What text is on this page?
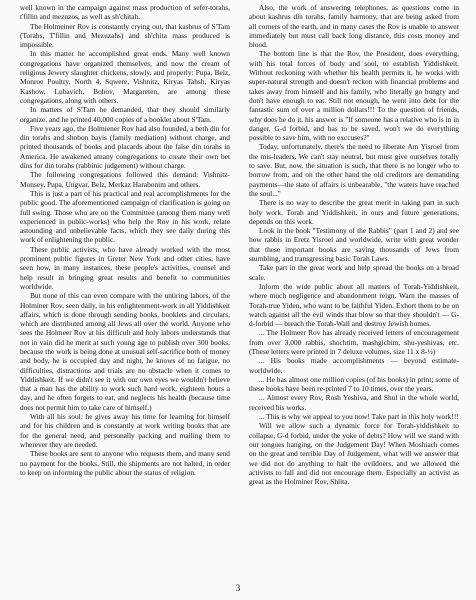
well known in the campaign against mass production of sefer-torahs, t'fillin and mezuzos, as well as sh'chitah.

The Holmeiner Rov is constantly crying out, that kashrus of S'Tam (Torahs, T'fillin and Mezuzahs) and sh'chita mass produced is impossible.

In this matter he accomplished great ends. Many well known congregations have organized themselves, and now the cream of religious Jewery slaughter chickens, slowly, and properly: Pupa, Belz, Monroe Poultry, North 4, Sqwere, Vishnitz, Kiryas Tahsh, Kiryas Kashow, Lubavich, Bobov, Margareten, are among these congregations, along with others.

In matters of S'Tam he demanded, that they should similarly organize, and he printed 40,000 copies of a booklet about S'Tam.

Five years ago, the Holmiener Rov had also founded, a beth din for din torahs and shobon bayis (family mediation) without charge, and printed thousands of books and placards about the false din torahs in America. He awakened amany congregations to create their own bet dins for din torahs (rabbinic judgement) without charge.

The following congregations followed this demand: Vishnitz-Monsey, Pupa, Ungvar, Belz, Merkaz Harabonim and others.

This is just a part of his practical and real accomplishments for the public good. The aforementioned campaign of clarification is going on full swing. Those who are on the Committee (among them many well experienced in public-works) who help the Rov in his work, relate astounding and unbelievable facts, which they see daily during this work of enlightening the public.

These public activists, who have already worked with the most prominent public figures in Greter New York and other cities, have seen how, in many instances, these people's activities, counsel and help result in bringing great results and benefit to communities worldwide.

But none of this can even compare with the untiring labors, of the Holminer Rov, seen daily, in his enlightenment-work in all Yiddishkeit affairs, which is done through sending books, booklets and circulars, which are distributed among all Jews all over the world. Anyone who sees the Holmeer Rov at his difficult and holy labors understands that not in vain did he merit at such young age to publish over 300 books, because the work is being done at unusual self-sacrifice both of money and body, he is occupied day and night, he knows of no fatigue, no difficulties, distractions and trials are no obstacle when it comes to Yiddishkeit. If we didn't see it with our own eyes we wouldn't believe that a man has the ability to work such hard work, eighteen hours a day, and he often forgets to eat, and neglects his health (because time does not permit him to take care of himself.)

With all his soul: he gives away his time for learning for himself and for his children and is constantly at work writing books that are for the general need, and personally packing and mailing them to wherever they are needed.

These books are sent to anyone who requests them, and many send no payment for the books. Still, the shipments are not halted, in order to keep on informing the public about the status of religion.

Also, the work of answering telephones, as questions come in about kashrus din torahs, family harmony, that are being asked from all corners of the earth, and in many cases the Rov is unable to answer immediately but must call back long distance, this costs money and blood.

The bottom line is that the Rov, the President, does everything, with his total forces of body and soul, to establish Yiddishkeit. Without reckoning with whether his health permits it, he works with super-natural strength and doesn't reckon with financial problems and takes away from himself and his family, who literally go hungry and don't have enough to eat. Still not enough, he went into debt for the fantastic sum of over a million dollars!!! To the question of friends, why does he do it, his answer is "If someone has a relative who is in in danger, G-d forbid, and has to be saved, won't we do everything possible to save him, with no exccuses?"

Today, unfortunately, there's the need to liberate Am Yisroel from the mis-leaders. We can't stay neutral, but must give ourselves totally to save. But, now, the situation is such, that there is no longer who to borrow from, and on the other hand the old creditors are demanding payments—the state of affairs is unbearable, "the waters have reached the soul..."

There is no way to describe the great merit in taking part in such holy work. Torah and Yiddishkeit, in ours and future generations, depends on this work.

Look in the book "Testimony of the Rabbis" (part 1 and 2) and see how rabbis in Eretz Yisroel and worldwide, write with great wonder that these important books are saving thousands of Jews from stumbling, and transgressing basic Torah Laws.

Take part in the great work and help spread the books on a broad scale.

Inform the wide public about all matters of Torah-Yiddishkeit, where much negligence and abandonment reign. Warn the masses of Torah-true Yiden, who want to be faithful Yiden. Exhort them to be on watch against all the evil winds that blow so that they shouldn't — G-d-forbid — breach the Torah-Wall and destroy Jewish homes.

... The Holmeer Rov has already received letters of encouragement from over 3,000 rabbis, shochtim, mashgichim, shu-yeshivas, etc. (These letters were printed in 7 deluxe volumes, size 11 x 8-½)

... His books made accomplishments — beyond estimate-worldwide.

... He has almost one million copies (of his books) in print; some of these books have been re-printed 7 to 10 times, over the years.

... Almost every Rov, Rosh Yeshiva, and Shul in the whole world, received his works.

... This is why we appeal to you now! Take part in this holy work!!!

Will we allow such a dynamic force for Torah-yiddishkeit to collapse, G-d forbid, under the yoke of debts? How will we stand with our tongues hanging, on the Judgement Day! When Moshiach comes on the great and terrible Day of Judgement, what will we answer that we did not do anything to halt the evildoers, and we allowed the activists to fall and did not encourage them. Especially an activist as great as the Holminer Rov, Shlita.

3
